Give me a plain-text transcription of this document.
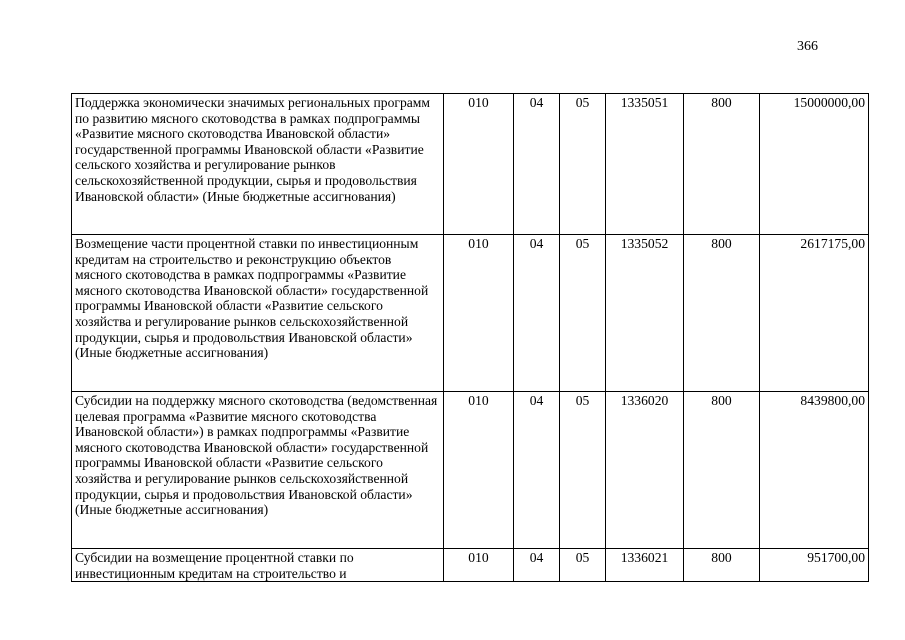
366
Поддержка экономически значимых региональных программ по развитию мясного скотоводства в рамках подпрограммы «Развитие мясного скотоводства Ивановской области» государственной программы Ивановской области «Развитие сельского хозяйства и регулирование рынков сельскохозяйственной продукции, сырья и продовольствия Ивановской области» (Иные бюджетные ассигнования)	010	04	05	1335051	800	15000000,00
Возмещение части процентной ставки по инвестиционным кредитам на строительство и реконструкцию объектов мясного скотоводства в рамках подпрограммы «Развитие мясного скотоводства Ивановской области» государственной программы Ивановской области «Развитие сельского хозяйства и регулирование рынков сельскохозяйственной продукции, сырья и продовольствия Ивановской области» (Иные бюджетные ассигнования)	010	04	05	1335052	800	2617175,00
Субсидии на поддержку мясного скотоводства (ведомственная целевая программа «Развитие мясного скотоводства Ивановской области») в рамках подпрограммы «Развитие мясного скотоводства Ивановской области» государственной программы Ивановской области «Развитие сельского хозяйства и регулирование рынков сельскохозяйственной продукции, сырья и продовольствия Ивановской области» (Иные бюджетные ассигнования)	010	04	05	1336020	800	8439800,00
Субсидии на возмещение процентной ставки по инвестиционным кредитам на строительство и	010	04	05	1336021	800	951700,00
